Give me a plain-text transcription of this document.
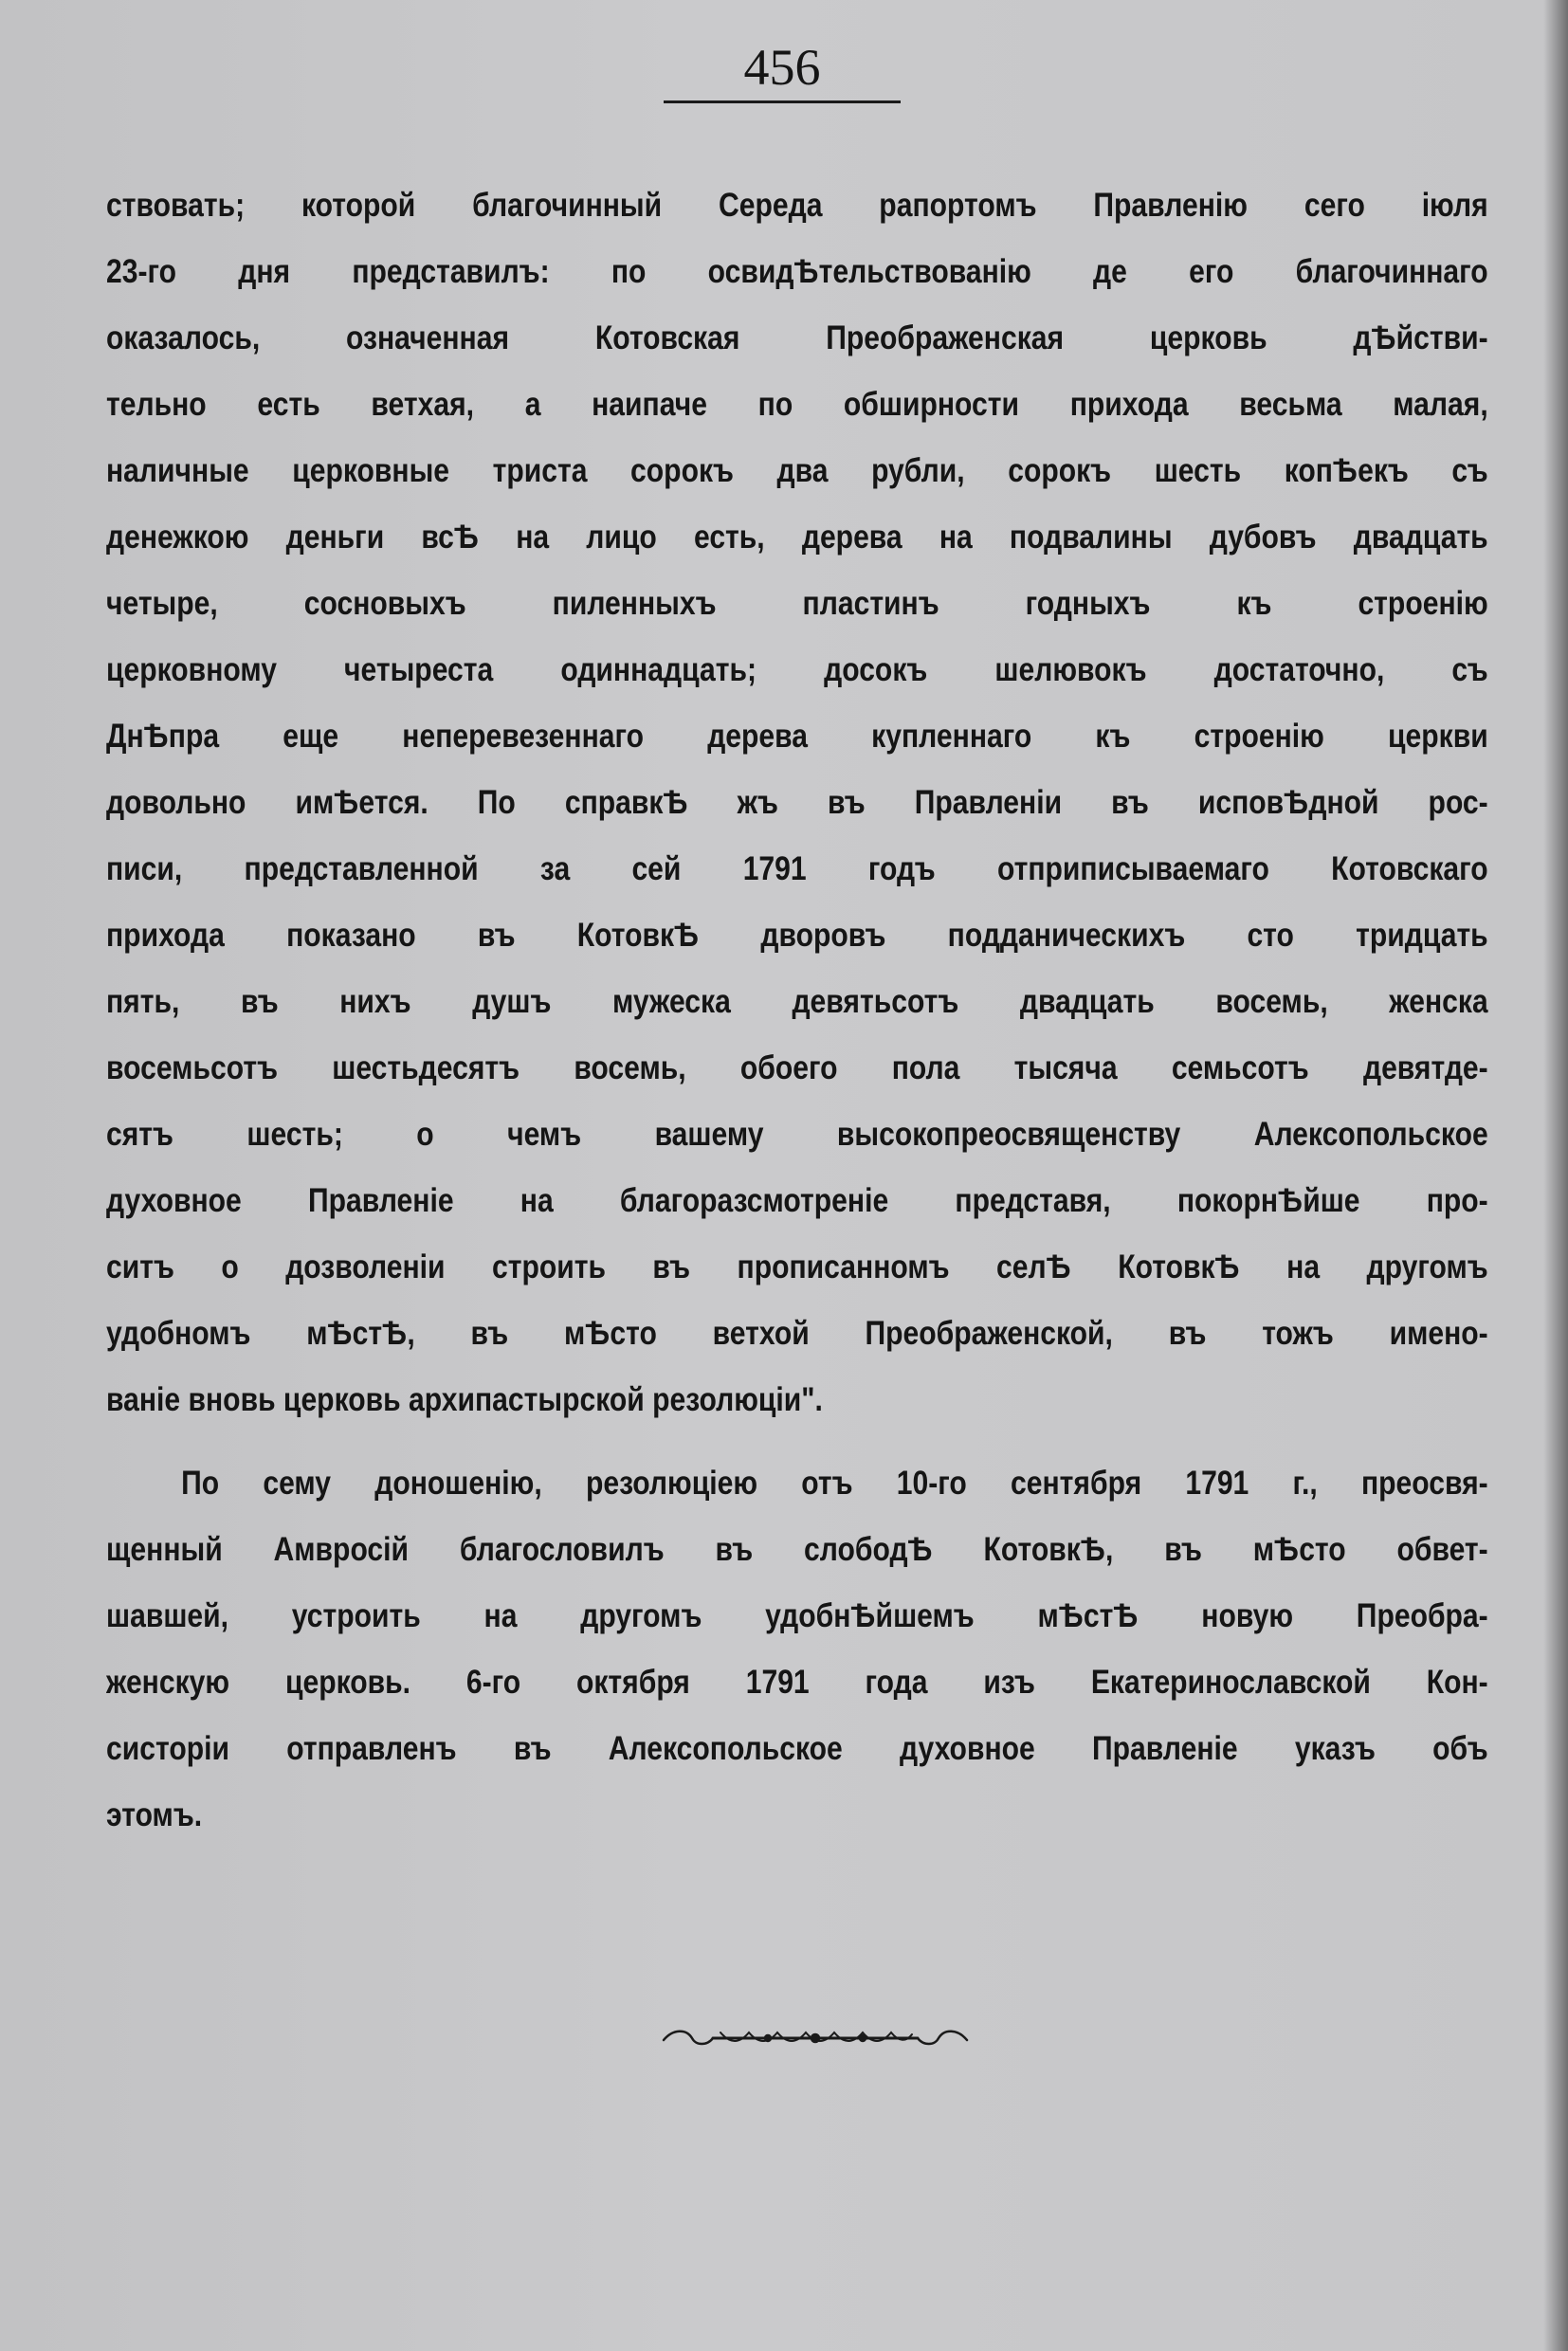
456
ствовать; которой благочинный Середа рапортомъ Правленію сего іюля
23-го дня представилъ: по освидѢтельствованію де его благочиннаго
оказалось, означенная Котовская Преображенская церковь дѢйстви-
тельно есть ветхая, а наипаче по обширности прихода весьма малая,
наличные церковные триста сорокъ два рубли, сорокъ шесть копѢекъ съ
денежкою деньги всѢ на лицо есть, дерева на подвалины дубовъ двадцать
четыре, сосновыхъ пиленныхъ пластинъ годныхъ къ строенію
церковному четыреста одиннадцать; досокъ шелювокъ достаточно, съ
ДнѢпра еще неперевезеннаго дерева купленнаго къ строенію церкви
довольно имѢется. По справкѢ жъ въ Правленіи въ исповѢдной рос-
писи, представленной за сей 1791 годъ отприписываемаго Котовскаго
прихода показано въ КотовкѢ дворовъ подданическихъ сто тридцать
пять, въ нихъ душъ мужеска девятьсотъ двадцать восемь, женска
восемьсотъ шестьдесятъ восемь, обоего пола тысяча семьсотъ девятде-
сятъ шесть; о чемъ вашему высокопреосвященству Алексопольское
духовное Правленіе на благоразсмотреніе представя, покорнѢйше про-
ситъ о дозволеніи строить въ прописанномъ селѢ КотовкѢ на другомъ
удобномъ мѢстѢ, въ мѢсто ветхой Преображенской, въ тожъ имено-
ваніе вновь церковь архипастырской резолюціи".
По сему доношенію, резолюціею отъ 10-го сентября 1791 г., преосвя-
щенный Амвросій благословилъ въ слободѢ КотовкѢ, въ мѢсто обвет-
шавшей, устроить на другомъ удобнѢйшемъ мѢстѢ новую Преобра-
женскую церковь. 6-го октября 1791 года изъ Екатеринославской Кон-
систоріи отправленъ въ Алексопольское духовное Правленіе указъ объ
этомъ.
